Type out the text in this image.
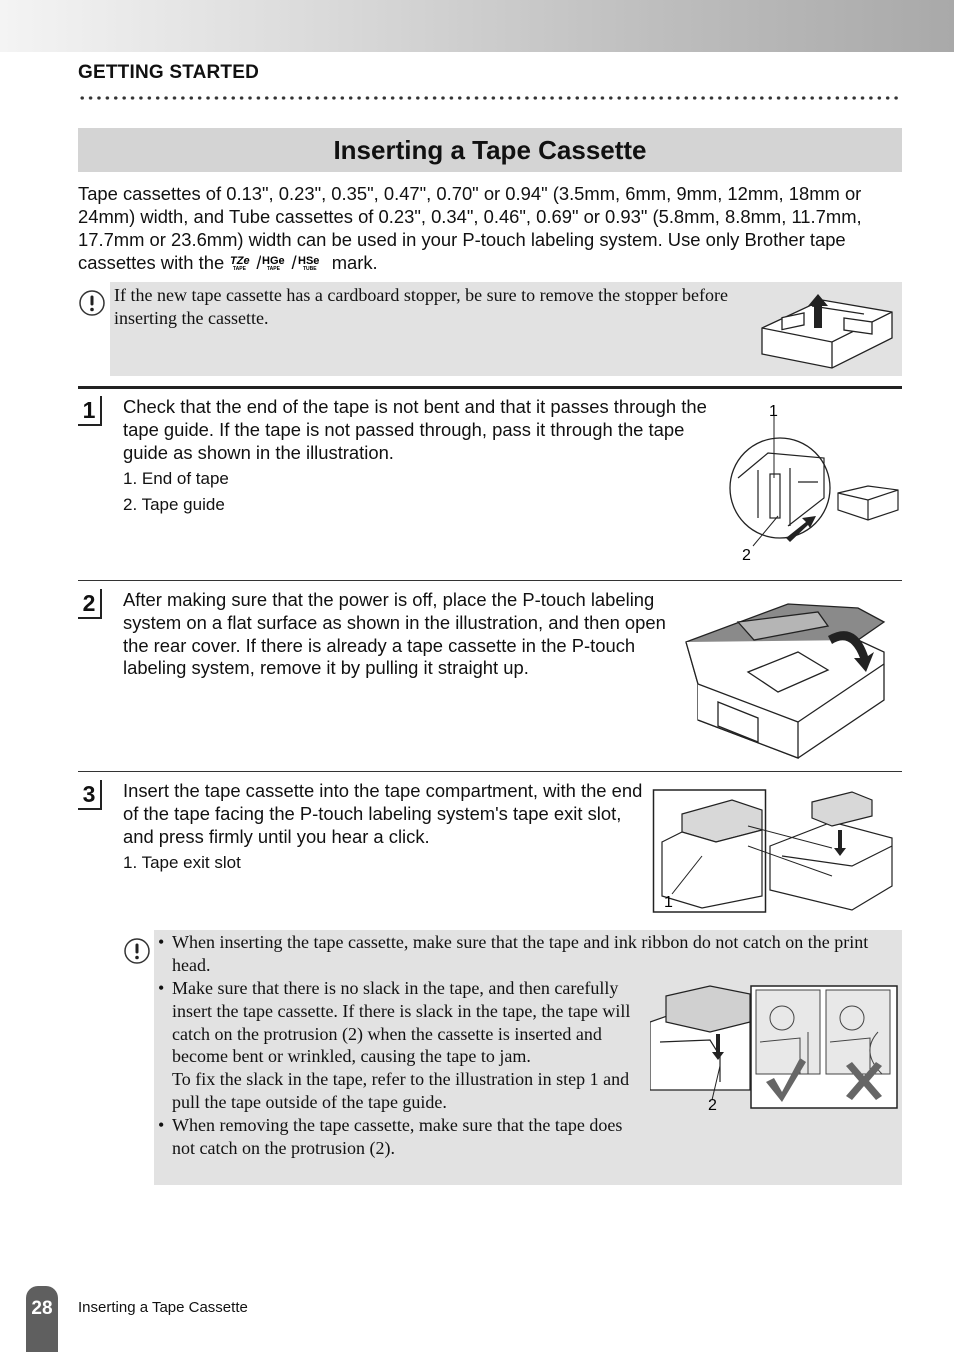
GETTING STARTED
Inserting a Tape Cassette
Tape cassettes of 0.13", 0.23", 0.35", 0.47", 0.70" or 0.94" (3.5mm, 6mm, 9mm, 12mm, 18mm or 24mm) width, and Tube cassettes of 0.23", 0.34", 0.46", 0.69" or 0.93" (5.8mm, 8.8mm, 11.7mm, 17.7mm or 23.6mm) width can be used in your P-touch labeling system. Use only Brother tape cassettes with the TZe
TAPE / HGe
TAPE / HSe
TUBE mark.
If the new tape cassette has a cardboard stopper, be sure to remove the stopper before inserting the cassette.
1	Check that the end of the tape is not bent and that it passes through the tape guide. If the tape is not passed through, pass it through the tape guide as shown in the illustration.
1. End of tape
2. Tape guide
1
2
2	After making sure that the power is off, place the P-touch labeling system on a flat surface as shown in the illustration, and then open the rear cover. If there is already a tape cassette in the P-touch labeling system, remove it by pulling it straight up.
3	Insert the tape cassette into the tape compartment, with the end of the tape facing the P-touch labeling system's tape exit slot, and press firmly until you hear a click.
1. Tape exit slot
1
• When inserting the tape cassette, make sure that the tape and ink ribbon do not catch on the print head.
• Make sure that there is no slack in the tape, and then carefully insert the tape cassette. If there is slack in the tape, the tape will catch on the protrusion (2) when the cassette is inserted and become bent or wrinkled, causing the tape to jam.
To fix the slack in the tape, refer to the illustration in step 1 and pull the tape outside of the tape guide.
• When removing the tape cassette, make sure that the tape does not catch on the protrusion (2).
2
28	Inserting a Tape Cassette
